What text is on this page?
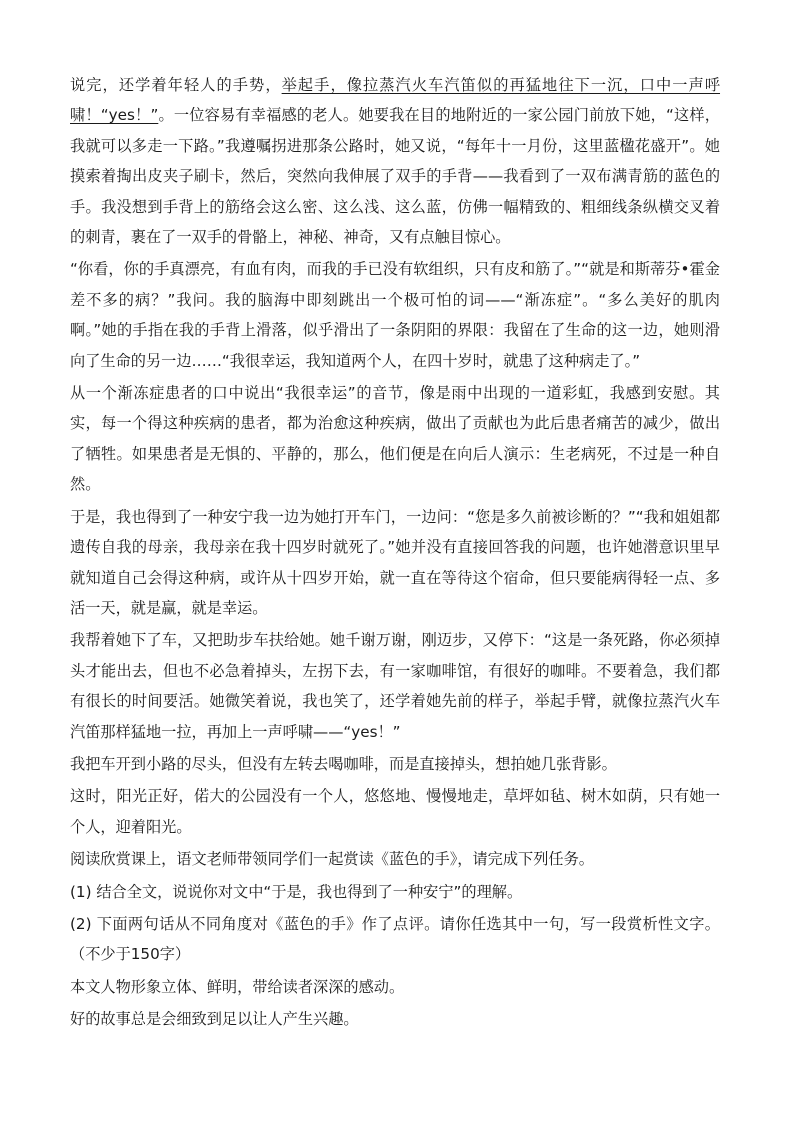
说完，还学着年轻人的手势，举起手，像拉蒸汽火车汽笛似的再猛地往下一沉，口中一声呼啸！“yes！”。一位容易有幸福感的老人。她要我在目的地附近的一家公园门前放下她，“这样，我就可以多走一下路。”我遵嘱拐进那条公路时，她又说，“每年十一月份，这里蓝楹花盛开”。她摸索着掏出皮夹子刷卡，然后，突然向我伸展了双手的手背——我看到了一双布满青筋的蓝色的手。我没想到手背上的筋络会这么密、这么浅、这么蓝，仿佛一幅精致的、粗细线条纵横交叉着的刺青，裹在了一双手的骨骼上，神秘、神奇，又有点触目惊心。

“你看，你的手真漂亮，有血有肉，而我的手已没有软组织，只有皮和筋了。”“就是和斯蒂芬•霍金差不多的病？”我问。我的脑海中即刻跳出一个极可怕的词——“渐冻症”。“多么美好的肌肉啊。”她的手指在我的手背上滑落，似乎滑出了一条阴阳的界限：我留在了生命的这一边，她则滑向了生命的另一边……“我很幸运，我知道两个人，在四十岁时，就患了这种病走了。”

从一个渐冻症患者的口中说出“我很幸运”的音节，像是雨中出现的一道彩虹，我感到安慰。其实，每一个得这种疾病的患者，都为治愈这种疾病，做出了贡献也为此后患者痛苦的减少，做出了牺牲。如果患者是无惧的、平静的，那么，他们便是在向后人演示：生老病死，不过是一种自然。

于是，我也得到了一种安宁我一边为她打开车门，一边问：“您是多久前被诊断的？”“我和姐姐都遗传自我的母亲，我母亲在我十四岁时就死了。”她并没有直接回答我的问题，也许她潜意识里早就知道自己会得这种病，或许从十四岁开始，就一直在等待这个宿命，但只要能病得轻一点、多活一天，就是赢，就是幸运。

我帮着她下了车，又把助步车扶给她。她千谢万谢，刚迈步，又停下：“这是一条死路，你必须掉头才能出去，但也不必急着掉头，左拐下去，有一家咖啡馆，有很好的咖啡。不要着急，我们都有很长的时间要活。她微笑着说，我也笑了，还学着她先前的样子，举起手臂，就像拉蒸汽火车汽笛那样猛地一拉，再加上一声呼啸——“yes！”

我把车开到小路的尽头，但没有左转去喝咖啡，而是直接掉头，想拍她几张背影。

这时，阳光正好，偌大的公园没有一个人，悠悠地、慢慢地走，草坪如毡、树木如荫，只有她一个人，迎着阳光。

阅读欣赏课上，语文老师带领同学们一起赏读《蓝色的手》，请完成下列任务。

(1) 结合全文，说说你对文中“于是，我也得到了一种安宁”的理解。

(2) 下面两句话从不同角度对《蓝色的手》作了点评。请你任选其中一句，写一段赏析性文字。（不少于150字）

本文人物形象立体、鲜明，带给读者深深的感动。

好的故事总是会细致到足以让人产生兴趣。
